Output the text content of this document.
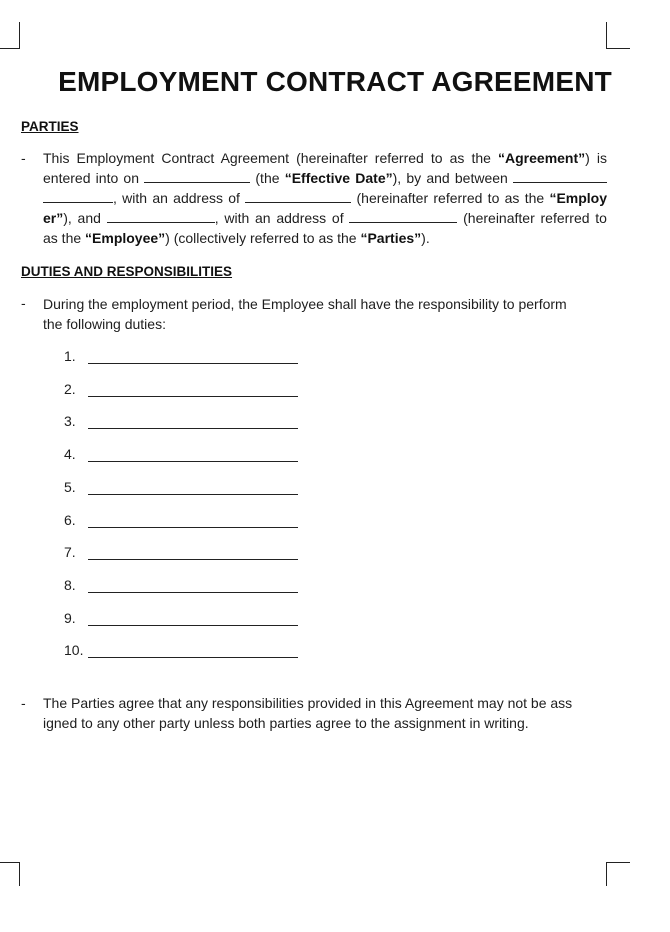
EMPLOYMENT CONTRACT AGREEMENT
PARTIES
- This Employment Contract Agreement (hereinafter referred to as the “Agreement”) is
entered into on	(the “Effective Date”), by and between
, with an address of	(hereinafter referred to as the “Employ
er”), and	, with an address of	(hereinafter referred to
as the “Employee”) (collectively referred to as the “Parties”).
DUTIES AND RESPONSIBILITIES
- During the employment period, the Employee shall have the responsibility to perform
the following duties:
1.
2.
3.
4.
5.
6.
7.
8.
9.
10.
- The Parties agree that any responsibilities provided in this Agreement may not be ass
igned to any other party unless both parties agree to the assignment in writing.
